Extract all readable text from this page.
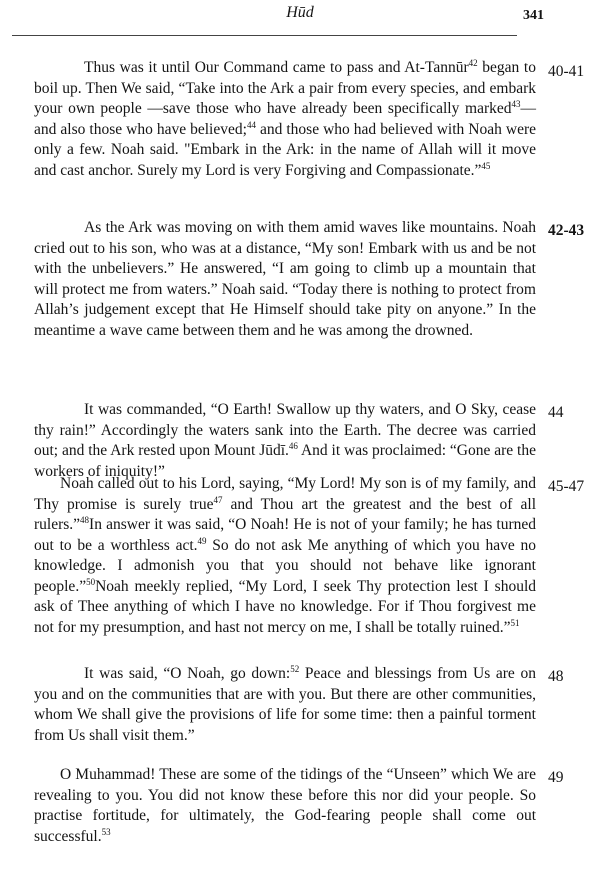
Hūd	341

Thus was it until Our Command came to pass and At-Tannūr$^{42}$ began to boil up. Then We said, “Take into the Ark a pair from every species, and embark your own people —save those who have already been specifically marked$^{43}$— and also those who have believed;$^{44}$ and those who had believed with Noah were only a few. Noah said. "Embark in the Ark: in the name of Allah will it move and cast anchor. Surely my Lord is very Forgiving and Compassionate.”$^{45}$

40-41

As the Ark was moving on with them amid waves like mountains. Noah cried out to his son, who was at a distance, “My son! Embark with us and be not with the unbelievers.” He answered, “I am going to climb up a mountain that will protect me from waters.” Noah said. “Today there is nothing to protect from Allah’s judgement except that He Himself should take pity on anyone.” In the meantime a wave came between them and he was among the drowned.

42-43

It was commanded, “O Earth! Swallow up thy waters, and O Sky, cease thy rain!” Accordingly the waters sank into the Earth. The decree was carried out; and the Ark rested upon Mount Jūdī.$^{46}$ And it was proclaimed: “Gone are the workers of iniquity!”

44

Noah called out to his Lord, saying, “My Lord! My son is of my family, and Thy promise is surely true$^{47}$ and Thou art the greatest and the best of all rulers.”$^{48}$In answer it was said, “O Noah! He is not of your family; he has turned out to be a worthless act.$^{49}$ So do not ask Me anything of which you have no knowledge. I admonish you that you should not behave like ignorant people.”$^{50}$Noah meekly replied, “My Lord, I seek Thy protection lest I should ask of Thee anything of which I have no knowledge. For if Thou forgivest me not for my presumption, and hast not mercy on me, I shall be totally ruined.”$^{51}$

45-47

It was said, “O Noah, go down:$^{52}$ Peace and blessings from Us are on you and on the communities that are with you. But there are other communities, whom We shall give the provisions of life for some time: then a painful torment from Us shall visit them.”

48

O Muhammad! These are some of the tidings of the “Unseen” which We are revealing to you. You did not know these before this nor did your people. So practise fortitude, for ultimately, the God-fearing people shall come out successful.$^{53}$

49
